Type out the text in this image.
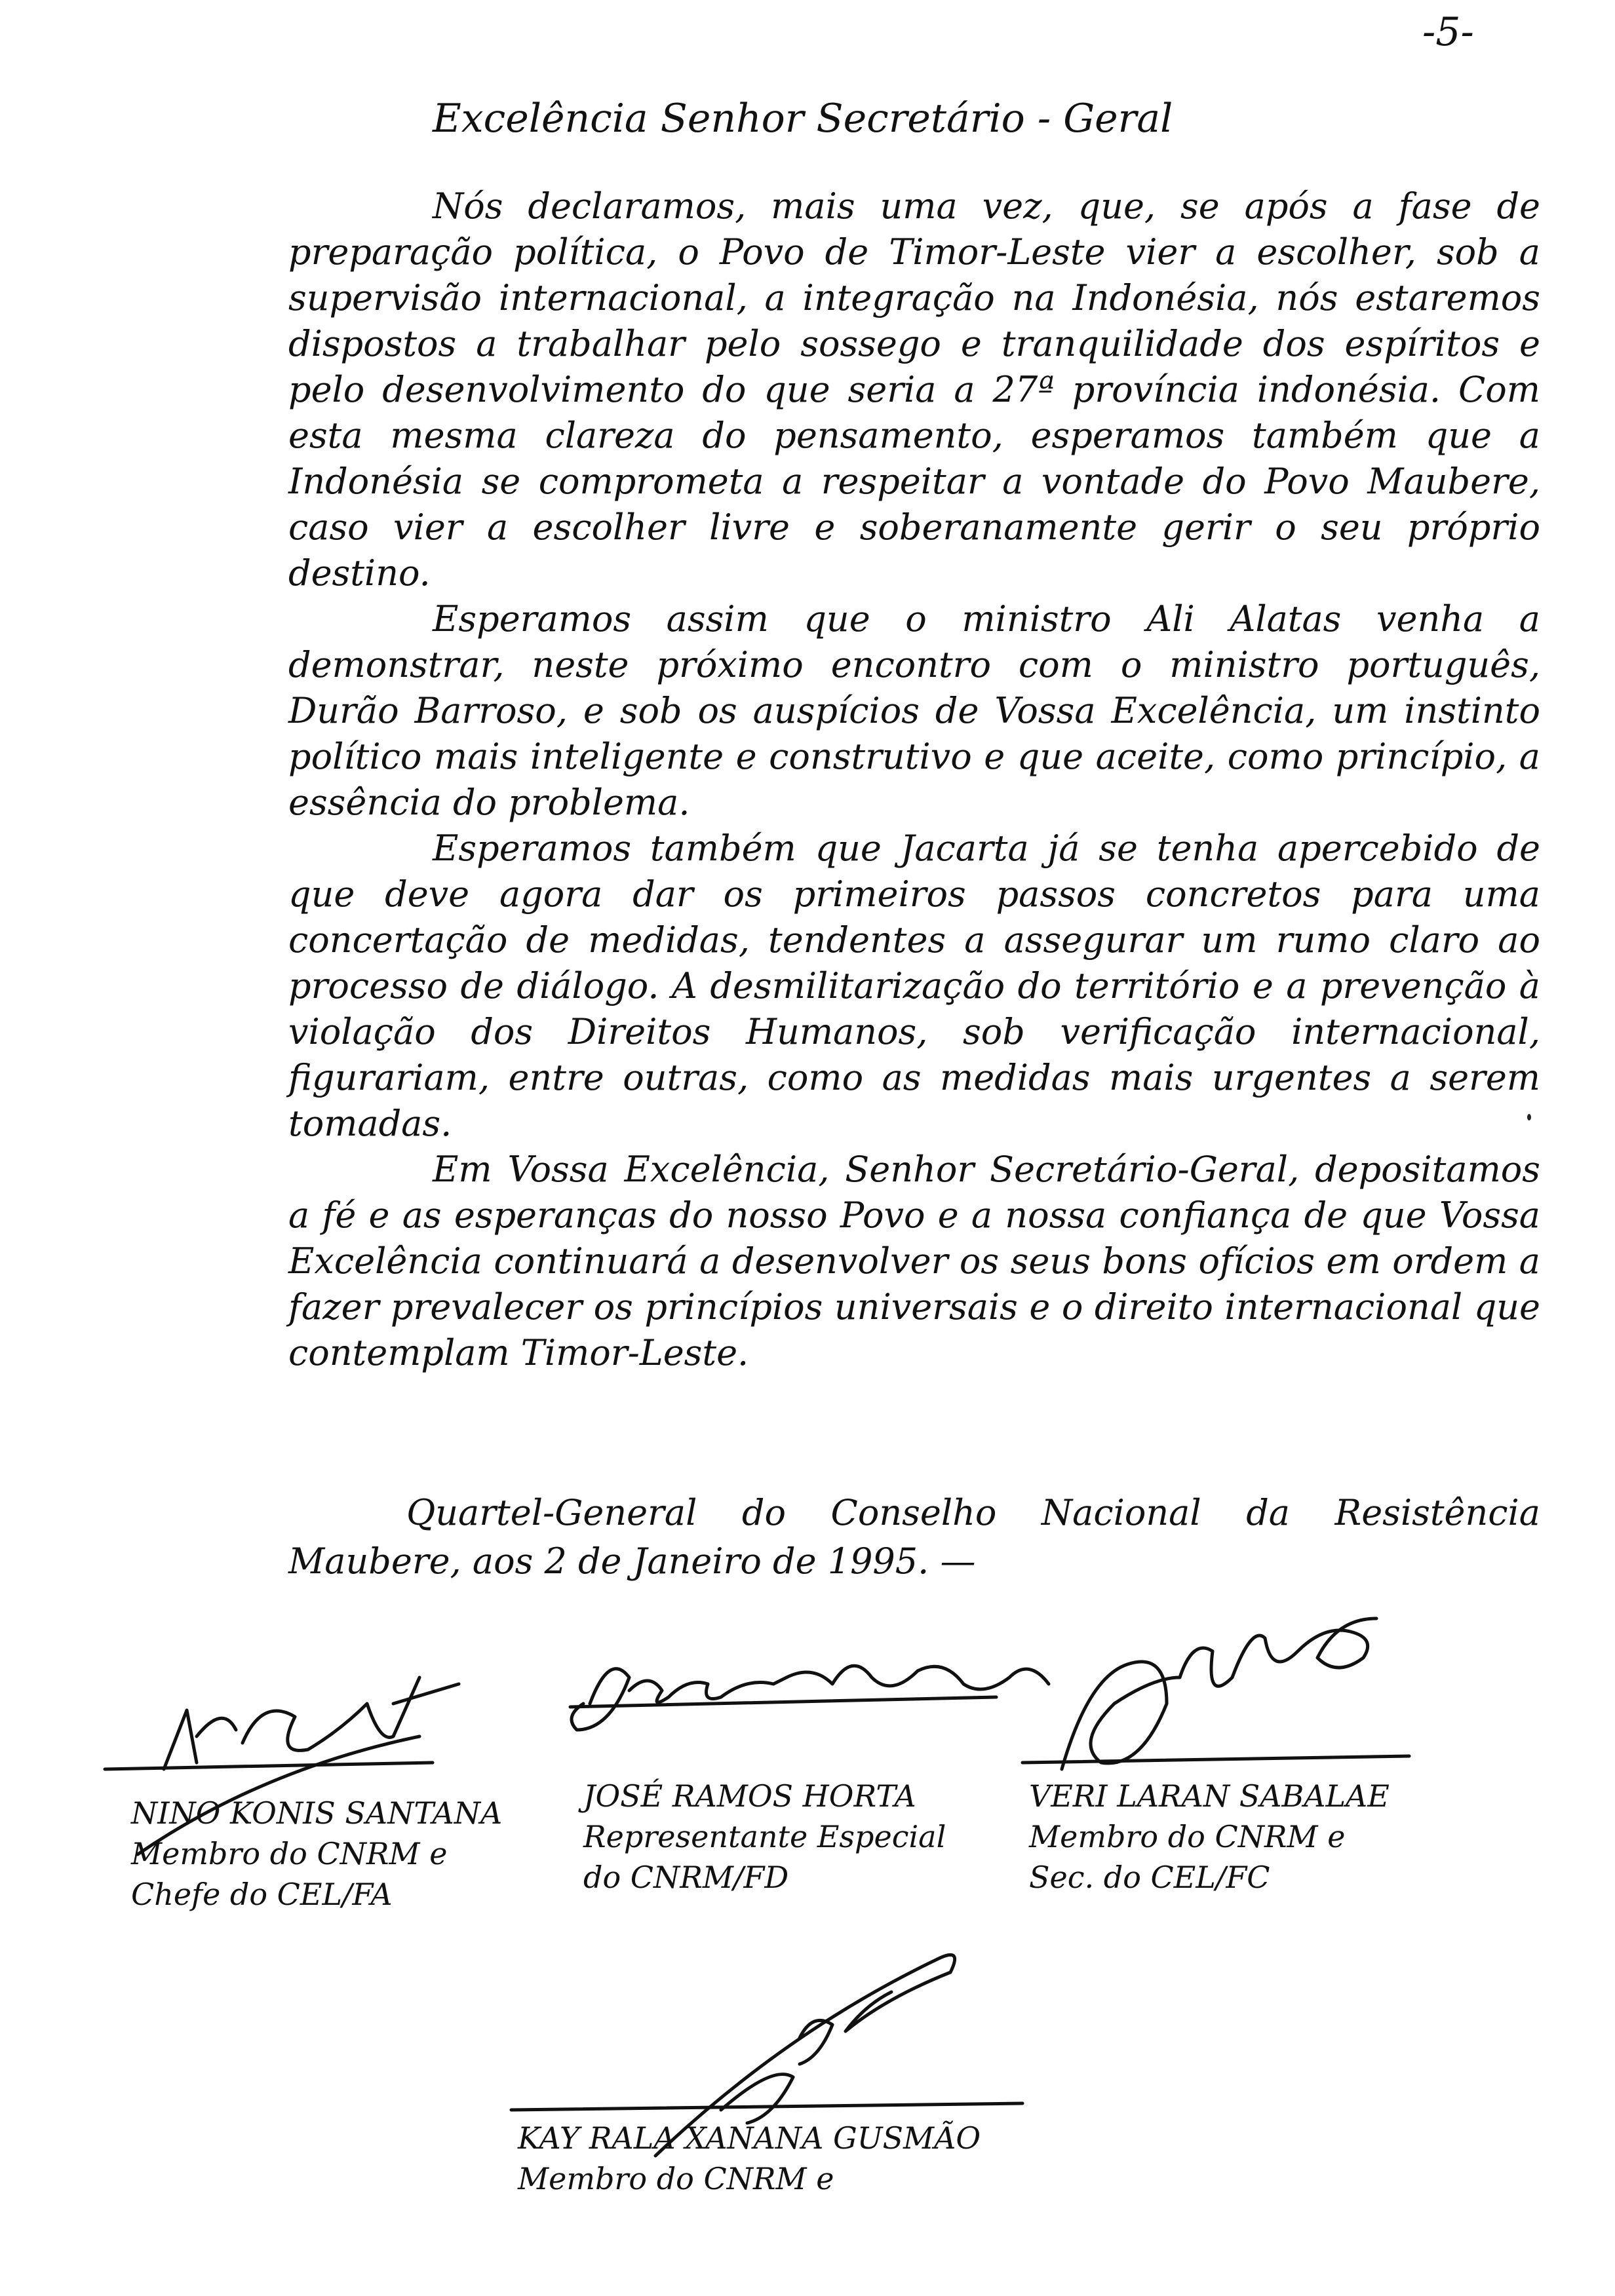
-5-
Excelência Senhor Secretário - Geral

Nós declaramos, mais uma vez, que, se após a fase de preparação política, o Povo de Timor-Leste vier a escolher, sob a supervisão internacional, a integração na Indonésia, nós estaremos dispostos a trabalhar pelo sossego e tranquilidade dos espíritos e pelo desenvolvimento do que seria a 27ª província indonésia. Com esta mesma clareza do pensamento, esperamos também que a Indonésia se comprometa a respeitar a vontade do Povo Maubere, caso vier a escolher livre e soberanamente gerir o seu próprio destino.

Esperamos assim que o ministro Ali Alatas venha a demonstrar, neste próximo encontro com o ministro português, Durão Barroso, e sob os auspícios de Vossa Excelência, um instinto político mais inteligente e construtivo e que aceite, como princípio, a essência do problema.

Esperamos também que Jacarta já se tenha apercebido de que deve agora dar os primeiros passos concretos para uma concertação de medidas, tendentes a assegurar um rumo claro ao processo de diálogo. A desmilitarização do território e a prevenção à violação dos Direitos Humanos, sob verificação internacional, figurariam, entre outras, como as medidas mais urgentes a serem tomadas.

Em Vossa Excelência, Senhor Secretário-Geral, depositamos a fé e as esperanças do nosso Povo e a nossa confiança de que Vossa Excelência continuará a desenvolver os seus bons ofícios em ordem a fazer prevalecer os princípios universais e o direito internacional que contemplam Timor-Leste.

Quartel-General do Conselho Nacional da Resistência Maubere, aos 2 de Janeiro de 1995. —
NINO KONIS SANTANA
Membro do CNRM e
Chefe do CEL/FA
JOSÉ RAMOS HORTA
Representante Especial
do CNRM/FD
VERI LARAN SABALAE
Membro do CNRM e
Sec. do CEL/FC
KAY RALA XANANA GUSMÃO
Membro do CNRM e
